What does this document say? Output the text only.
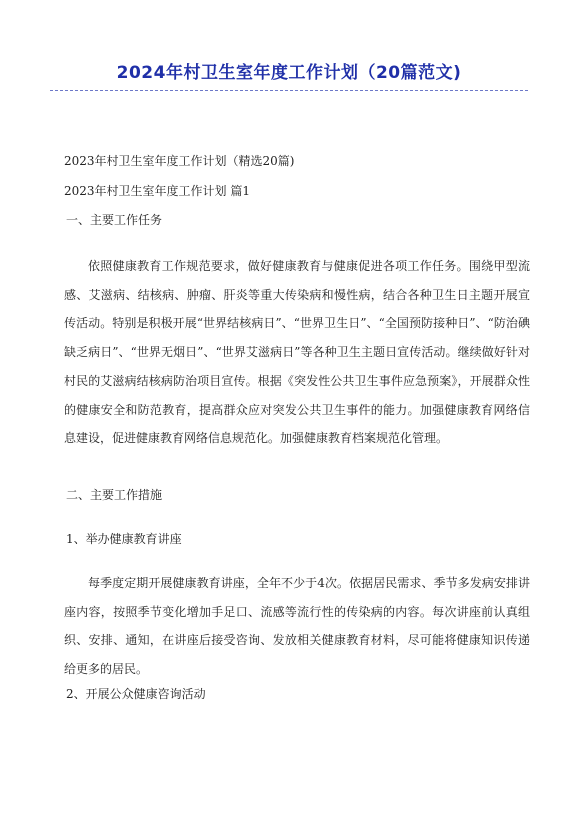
2024年村卫生室年度工作计划（20篇范文)

2023年村卫生室年度工作计划（精选20篇)

2023年村卫生室年度工作计划 篇1

一、主要工作任务

依照健康教育工作规范要求，做好健康教育与健康促进各项工作任务。围绕甲型流感、艾滋病、结核病、肿瘤、肝炎等重大传染病和慢性病，结合各种卫生日主题开展宣传活动。特别是积极开展“世界结核病日”、“世界卫生日”、“全国预防接种日”、“防治碘缺乏病日”、“世界无烟日”、“世界艾滋病日”等各种卫生主题日宣传活动。继续做好针对村民的艾滋病结核病防治项目宣传。根据《突发性公共卫生事件应急预案》，开展群众性的健康安全和防范教育，提高群众应对突发公共卫生事件的能力。加强健康教育网络信息建设，促进健康教育网络信息规范化。加强健康教育档案规范化管理。

二、主要工作措施

1、举办健康教育讲座

每季度定期开展健康教育讲座，全年不少于4次。依据居民需求、季节多发病安排讲座内容，按照季节变化增加手足口、流感等流行性的传染病的内容。每次讲座前认真组织、安排、通知，在讲座后接受咨询、发放相关健康教育材料，尽可能将健康知识传递给更多的居民。

2、开展公众健康咨询活动
